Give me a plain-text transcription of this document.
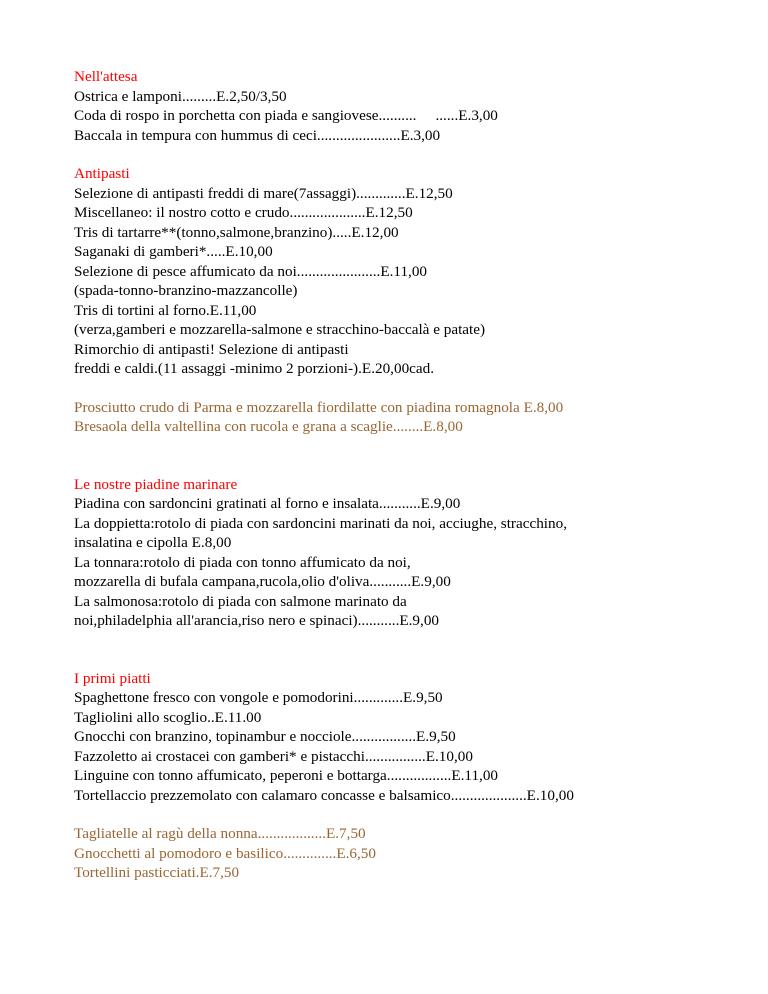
Nell'attesa
Ostrica e lamponi.........E.2,50/3,50
Coda di rospo in porchetta con piada e sangiovese..........     ......E.3,00
Baccala in tempura con hummus di ceci......................E.3,00
Antipasti
Selezione di antipasti freddi di mare(7assaggi).............E.12,50
Miscellaneo: il nostro cotto e crudo....................E.12,50
Tris di tartarre**(tonno,salmone,branzino).....E.12,00
Saganaki di gamberi*.....E.10,00
Selezione di pesce affumicato da noi......................E.11,00
(spada-tonno-branzino-mazzancolle)
Tris di tortini al forno.E.11,00
(verza,gamberi e mozzarella-salmone e stracchino-baccalà e patate)
Rimorchio di antipasti! Selezione di antipasti
freddi e caldi.(11 assaggi -minimo 2 porzioni-).E.20,00cad.
Prosciutto crudo di Parma e mozzarella fiordilatte con piadina romagnola E.8,00
Bresaola della valtellina con rucola e grana a scaglie........E.8,00
Le nostre piadine marinare
Piadina con sardoncini gratinati al forno e insalata...........E.9,00
La doppietta:rotolo di piada con sardoncini marinati da noi, acciughe, stracchino,
insalatina e cipolla E.8,00
La tonnara:rotolo di piada con tonno affumicato da noi,
mozzarella di bufala campana,rucola,olio d'oliva...........E.9,00
La salmonosa:rotolo di piada con salmone marinato da
noi,philadelphia all'arancia,riso nero e spinaci)...........E.9,00
I primi piatti
Spaghettone fresco con vongole e pomodorini.............E.9,50
Tagliolini allo scoglio..E.11.00
Gnocchi con branzino, topinambur e nocciole.................E.9,50
Fazzoletto ai crostacei con gamberi* e pistacchi................E.10,00
Linguine con tonno affumicato, peperoni e bottarga.................E.11,00
Tortellaccio prezzemolato con calamaro concasse e balsamico....................E.10,00
Tagliatelle al ragù della nonna..................E.7,50
Gnocchetti al pomodoro e basilico..............E.6,50
Tortellini pasticciati.E.7,50
